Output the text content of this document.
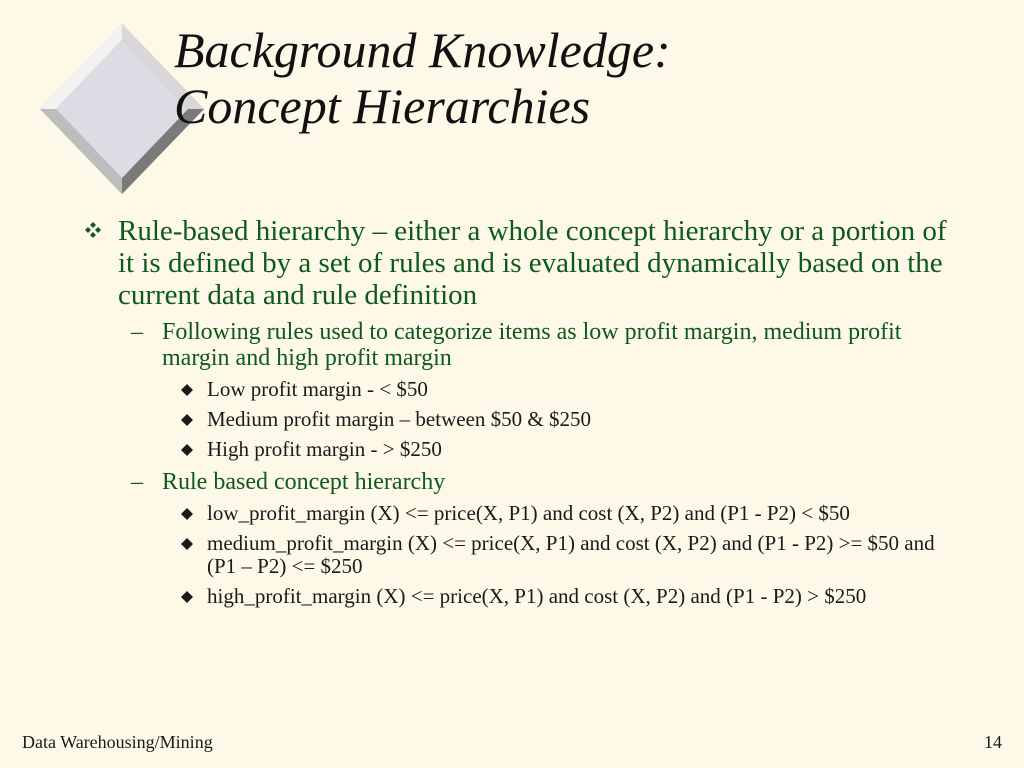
Background Knowledge:
Concept Hierarchies
Rule-based hierarchy – either a whole concept hierarchy or a portion of it is defined by a set of rules and is evaluated dynamically based on the current data and rule definition
– Following rules used to categorize items as low profit margin, medium profit margin and high profit margin
Low profit margin - < $50
Medium profit margin – between $50 & $250
High profit margin - > $250
– Rule based concept hierarchy
low_profit_margin (X) <= price(X, P1) and cost (X, P2) and (P1 - P2) < $50
medium_profit_margin (X) <= price(X, P1) and cost (X, P2) and (P1 - P2) >= $50 and (P1 – P2) <= $250
high_profit_margin (X) <= price(X, P1) and cost (X, P2) and (P1 - P2) > $250
Data Warehousing/Mining	14
